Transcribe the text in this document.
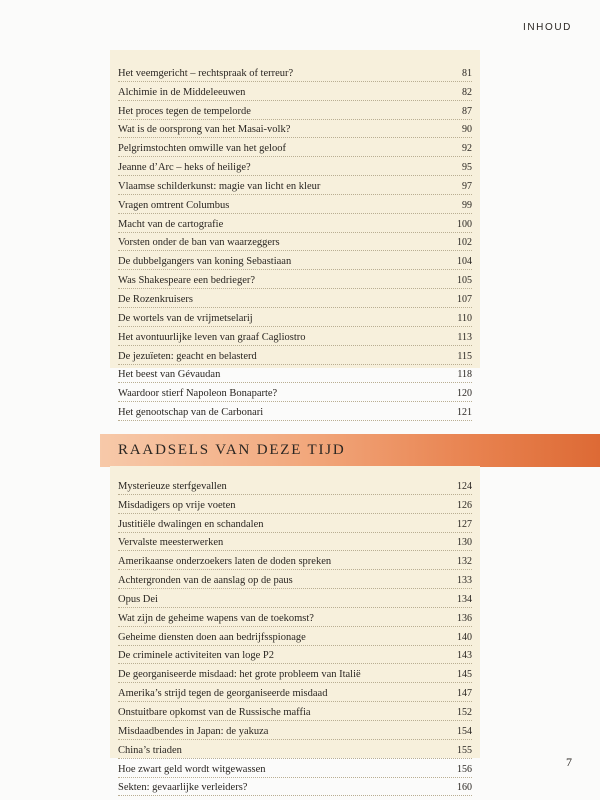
INHOUD
Het veemgericht – rechtspraak of terreur?	81
Alchimie in de Middeleeuwen	82
Het proces tegen de tempelorde	87
Wat is de oorsprong van het Masai-volk?	90
Pelgrimstochten omwille van het geloof	92
Jeanne d’Arc – heks of heilige?	95
Vlaamse schilderkunst: magie van licht en kleur	97
Vragen omtrent Columbus	99
Macht van de cartografie	100
Vorsten onder de ban van waarzeggers	102
De dubbelgangers van koning Sebastiaan	104
Was Shakespeare een bedrieger?	105
De Rozenkruisers	107
De wortels van de vrijmetselarij	110
Het avontuurlijke leven van graaf Cagliostro	113
De jezuïeten: geacht en belasterd	115
Het beest van Gévaudan	118
Waardoor stierf Napoleon Bonaparte?	120
Het genootschap van de Carbonari	121
RAADSELS VAN DEZE TIJD
Mysterieuze sterfgevallen	124
Misdadigers op vrije voeten	126
Justitiële dwalingen en schandalen	127
Vervalste meesterwerken	130
Amerikaanse onderzoekers laten de doden spreken	132
Achtergronden van de aanslag op de paus	133
Opus Dei	134
Wat zijn de geheime wapens van de toekomst?	136
Geheime diensten doen aan bedrijfsspionage	140
De criminele activiteiten van loge P2	143
De georganiseerde misdaad: het grote probleem van Italië	145
Amerika’s strijd tegen de georganiseerde misdaad	147
Onstuitbare opkomst van de Russische maffia	152
Misdaadbendes in Japan: de yakuza	154
China’s triaden	155
Hoe zwart geld wordt witgewassen	156
Sekten: gevaarlijke verleiders?	160
7
